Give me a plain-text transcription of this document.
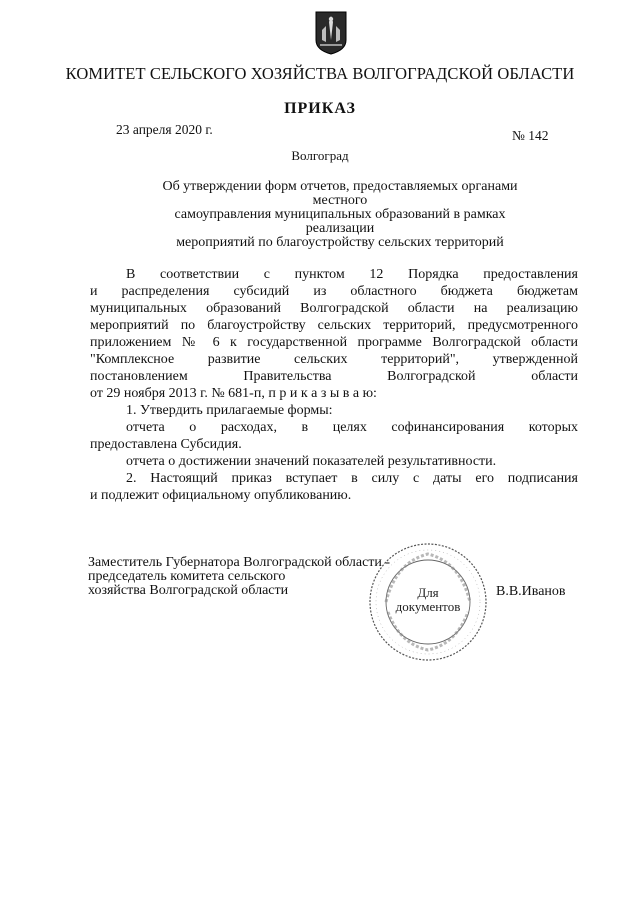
КОМИТЕТ СЕЛЬСКОГО ХОЗЯЙСТВА ВОЛГОГРАДСКОЙ ОБЛАСТИ
ПРИКАЗ
23 апреля 2020 г.	№ 142
Волгоград
Об утверждении форм отчетов, предоставляемых органами местного
самоуправления муниципальных образований в рамках реализации
мероприятий по благоустройству сельских территорий

В соответствии с пунктом 12 Порядка предоставления

и распределения субсидий из областного бюджета бюджетам

муниципальных образований Волгоградской области на реализацию

мероприятий по благоустройству сельских территорий, предусмотренного

приложением № 6 к государственной программе Волгоградской области

"Комплексное развитие сельских территорий", утвержденной

постановлением Правительства Волгоградской области

от 29 ноября 2013 г. № 681-п, п р и к а з ы в а ю:

1. Утвердить прилагаемые формы:

отчета о расходах, в целях софинансирования которых

предоставлена Субсидия.

отчета о достижении значений показателей результативности.

2. Настоящий приказ вступает в силу с даты его подписания

и подлежит официальному опубликованию.

Заместитель Губернатора Волгоградской области -
председатель комитета сельского
хозяйства Волгоградской области	Для
документов
В.В.Иванов
